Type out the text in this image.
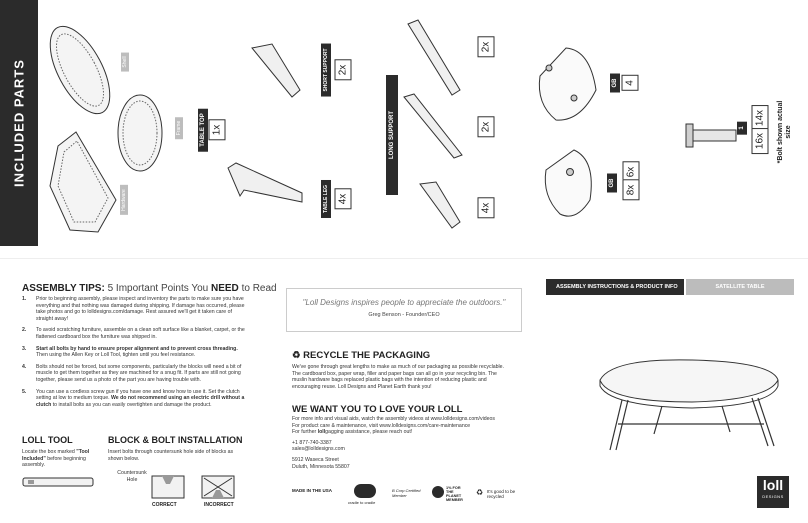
INCLUDED PARTS	Shell
Frame
Hardware
TABLE TOP 1x
SHORT SUPPORT 2x
TABLE LEG 4x
LONG SUPPORT
2x
2x
4x
GB 4
GB
6x
8x
1
14x
16x	*Bolt shown actual size
ASSEMBLY TIPS: 5 Important Points You NEED to Read
1. Prior to beginning assembly, please inspect and inventory the parts to make sure you have everything and that nothing was damaged during shipping. If damage has occurred, please take photos and go to lolldesigns.com/damage. Rest assured we'll get it taken care of straight away!
2. To avoid scratching furniture, assemble on a clean soft surface like a blanket, carpet, or the flattened cardboard box the furniture was shipped in.
3. Start all bolts by hand to ensure proper alignment and to prevent cross threading. Then using the Allen Key or Loll Tool, tighten until you feel resistance.
4. Bolts should not be forced, but some components, particularly the blocks will need a bit of muscle to get them together as they are machined for a snug fit. If parts are still not going together, please send us a photo of the part you are having trouble with.
5. You can use a cordless screw gun if you have one and know how to use it. Set the clutch setting at low to medium torque. We do not recommend using an electric drill without a clutch to install bolts as you can easily overtighten and damage the product.
LOLL TOOL
Locate the box marked "Tool Included" before beginning assembly.
BLOCK & BOLT INSTALLATION
Insert bolts through countersunk hole side of blocks as shown below.
Countersunk Hole
CORRECT	INCORRECT
"Loll Designs inspires people to appreciate the outdoors."
Greg Benson - Founder/CEO
♻ RECYCLE THE PACKAGING
We've gone through great lengths to make as much of our packaging as possible recyclable. The cardboard box, paper wrap, filler and paper bags can all go in your recycling bin. The muslin hardware bags replaced plastic bags with the intention of reducing plastic and encouraging reuse. Loll Designs and Planet Earth thank you!
WE WANT YOU TO LOVE YOUR LOLL
For more info and visual aids, watch the assembly videos at www.lolldesigns.com/videos
For product care & maintenance, visit www.lolldesigns.com/care-maintenance
For further lollgagging assistance, please reach out!
+1 877-740-3387
sales@lolldesigns.com
5912 Waseca Street
Duluth, Minnesota 55807
MADE IN THE USA
cradle to cradle
B Corp Certified Member
1% FOR THE PLANET MEMBER
♻ It's good to be recycled
ASSEMBLY INSTRUCTIONS & PRODUCT INFO	SATELLITE TABLE
loll
DESIGNS
